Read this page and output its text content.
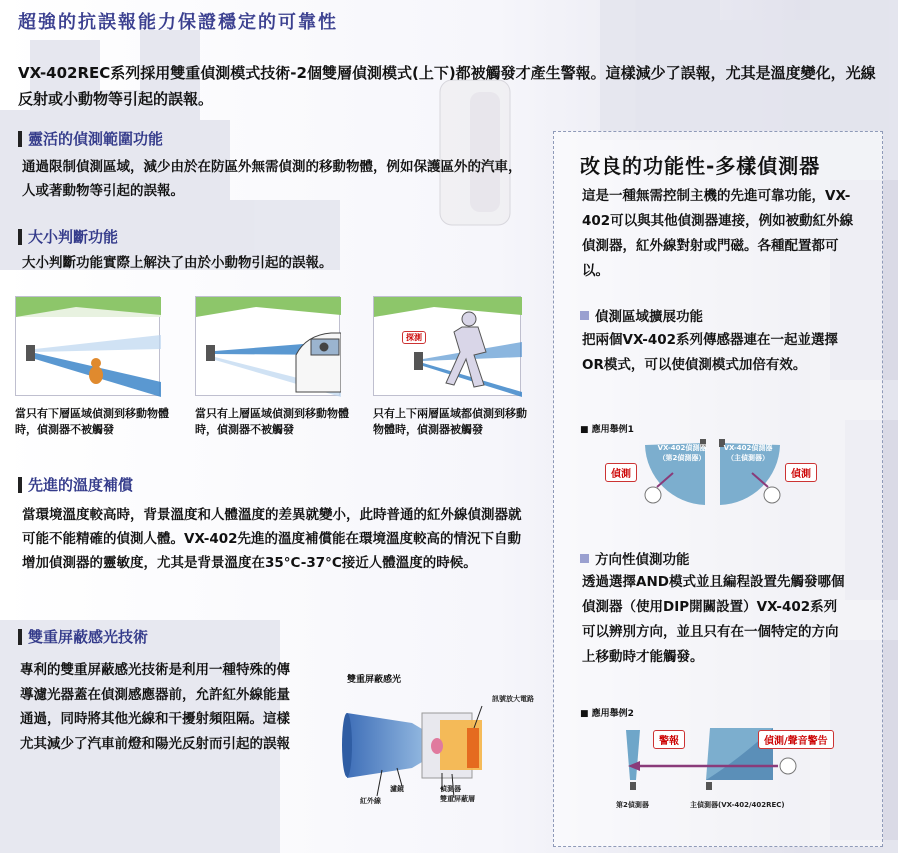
超強的抗誤報能力保證穩定的可靠性
VX-402REC系列採用雙重偵測模式技術-2個雙層偵測模式(上下)都被觸發才產生警報。這樣減少了誤報，尤其是溫度變化，光線反射或小動物等引起的誤報。
靈活的偵測範圍功能
通過限制偵測區域，減少由於在防區外無需偵測的移動物體，例如保護區外的汽車，人或著動物等引起的誤報。
大小判斷功能
大小判斷功能實際上解決了由於小動物引起的誤報。
探測
當只有下層區域偵測到移動物體時，偵測器不被觸發
當只有上層區域偵測到移動物體時，偵測器不被觸發
只有上下兩層區域都偵測到移動物體時，偵測器被觸發
先進的溫度補償
當環境溫度較高時，背景溫度和人體溫度的差異就變小，此時普通的紅外線偵測器就可能不能精確的偵測人體。VX-402先進的溫度補償能在環境溫度較高的情況下自動增加偵測器的靈敏度，尤其是背景溫度在35°C-37°C接近人體溫度的時候。
雙重屏蔽感光技術
專利的雙重屏蔽感光技術是利用一種特殊的傳導濾光器蓋在偵測感應器前，允許紅外線能量通過，同時將其他光線和干擾射頻阻隔。這樣尤其減少了汽車前燈和陽光反射而引起的誤報
雙重屏蔽感光
訊號放大電路
濾鏡
紅外線
偵測器
雙重屏蔽層
改良的功能性-多樣偵測器
這是一種無需控制主機的先進可靠功能，VX-402可以與其他偵測器連接，例如被動紅外線偵測器，紅外線對射或門磁。各種配置都可以。
偵測區域擴展功能
把兩個VX-402系列傳感器連在一起並選擇OR模式，可以使偵測模式加倍有效。
■ 應用舉例1
VX-402偵測器（第2偵測器）
VX-402偵測器（主偵測器）
偵測	偵測
方向性偵測功能
透過選擇AND模式並且編程設置先觸發哪個偵測器（使用DIP開關設置）VX-402系列可以辨別方向，並且只有在一個特定的方向上移動時才能觸發。
■ 應用舉例2
警報	偵測/聲音警告
第2偵測器	主偵測器(VX-402/402REC)
